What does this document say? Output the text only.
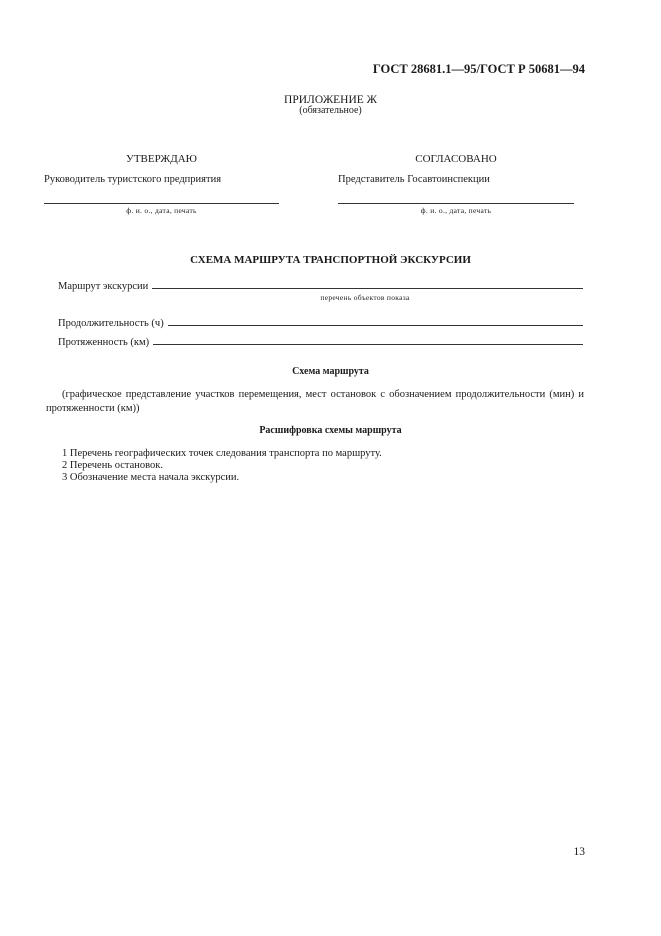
ГОСТ 28681.1—95/ГОСТ Р 50681—94
ПРИЛОЖЕНИЕ Ж
(обязательное)
УТВЕРЖДАЮ	СОГЛАСОВАНО
Руководитель туристского предприятия	Представитель Госавтоинспекции
ф. и. о., дата, печать	ф. и. о., дата, печать
СХЕМА МАРШРУТА ТРАНСПОРТНОЙ ЭКСКУРСИИ
Маршрут экскурсии
перечень объектов показа
Продолжительность (ч)
Протяженность (км)
Схема маршрута
(графическое представление участков перемещения, мест остановок с обозначением продолжительности (мин) и протяженности (км))
Расшифровка схемы маршрута
1 Перечень географических точек следования транспорта по маршруту.
2 Перечень остановок.
3 Обозначение места начала экскурсии.
13
